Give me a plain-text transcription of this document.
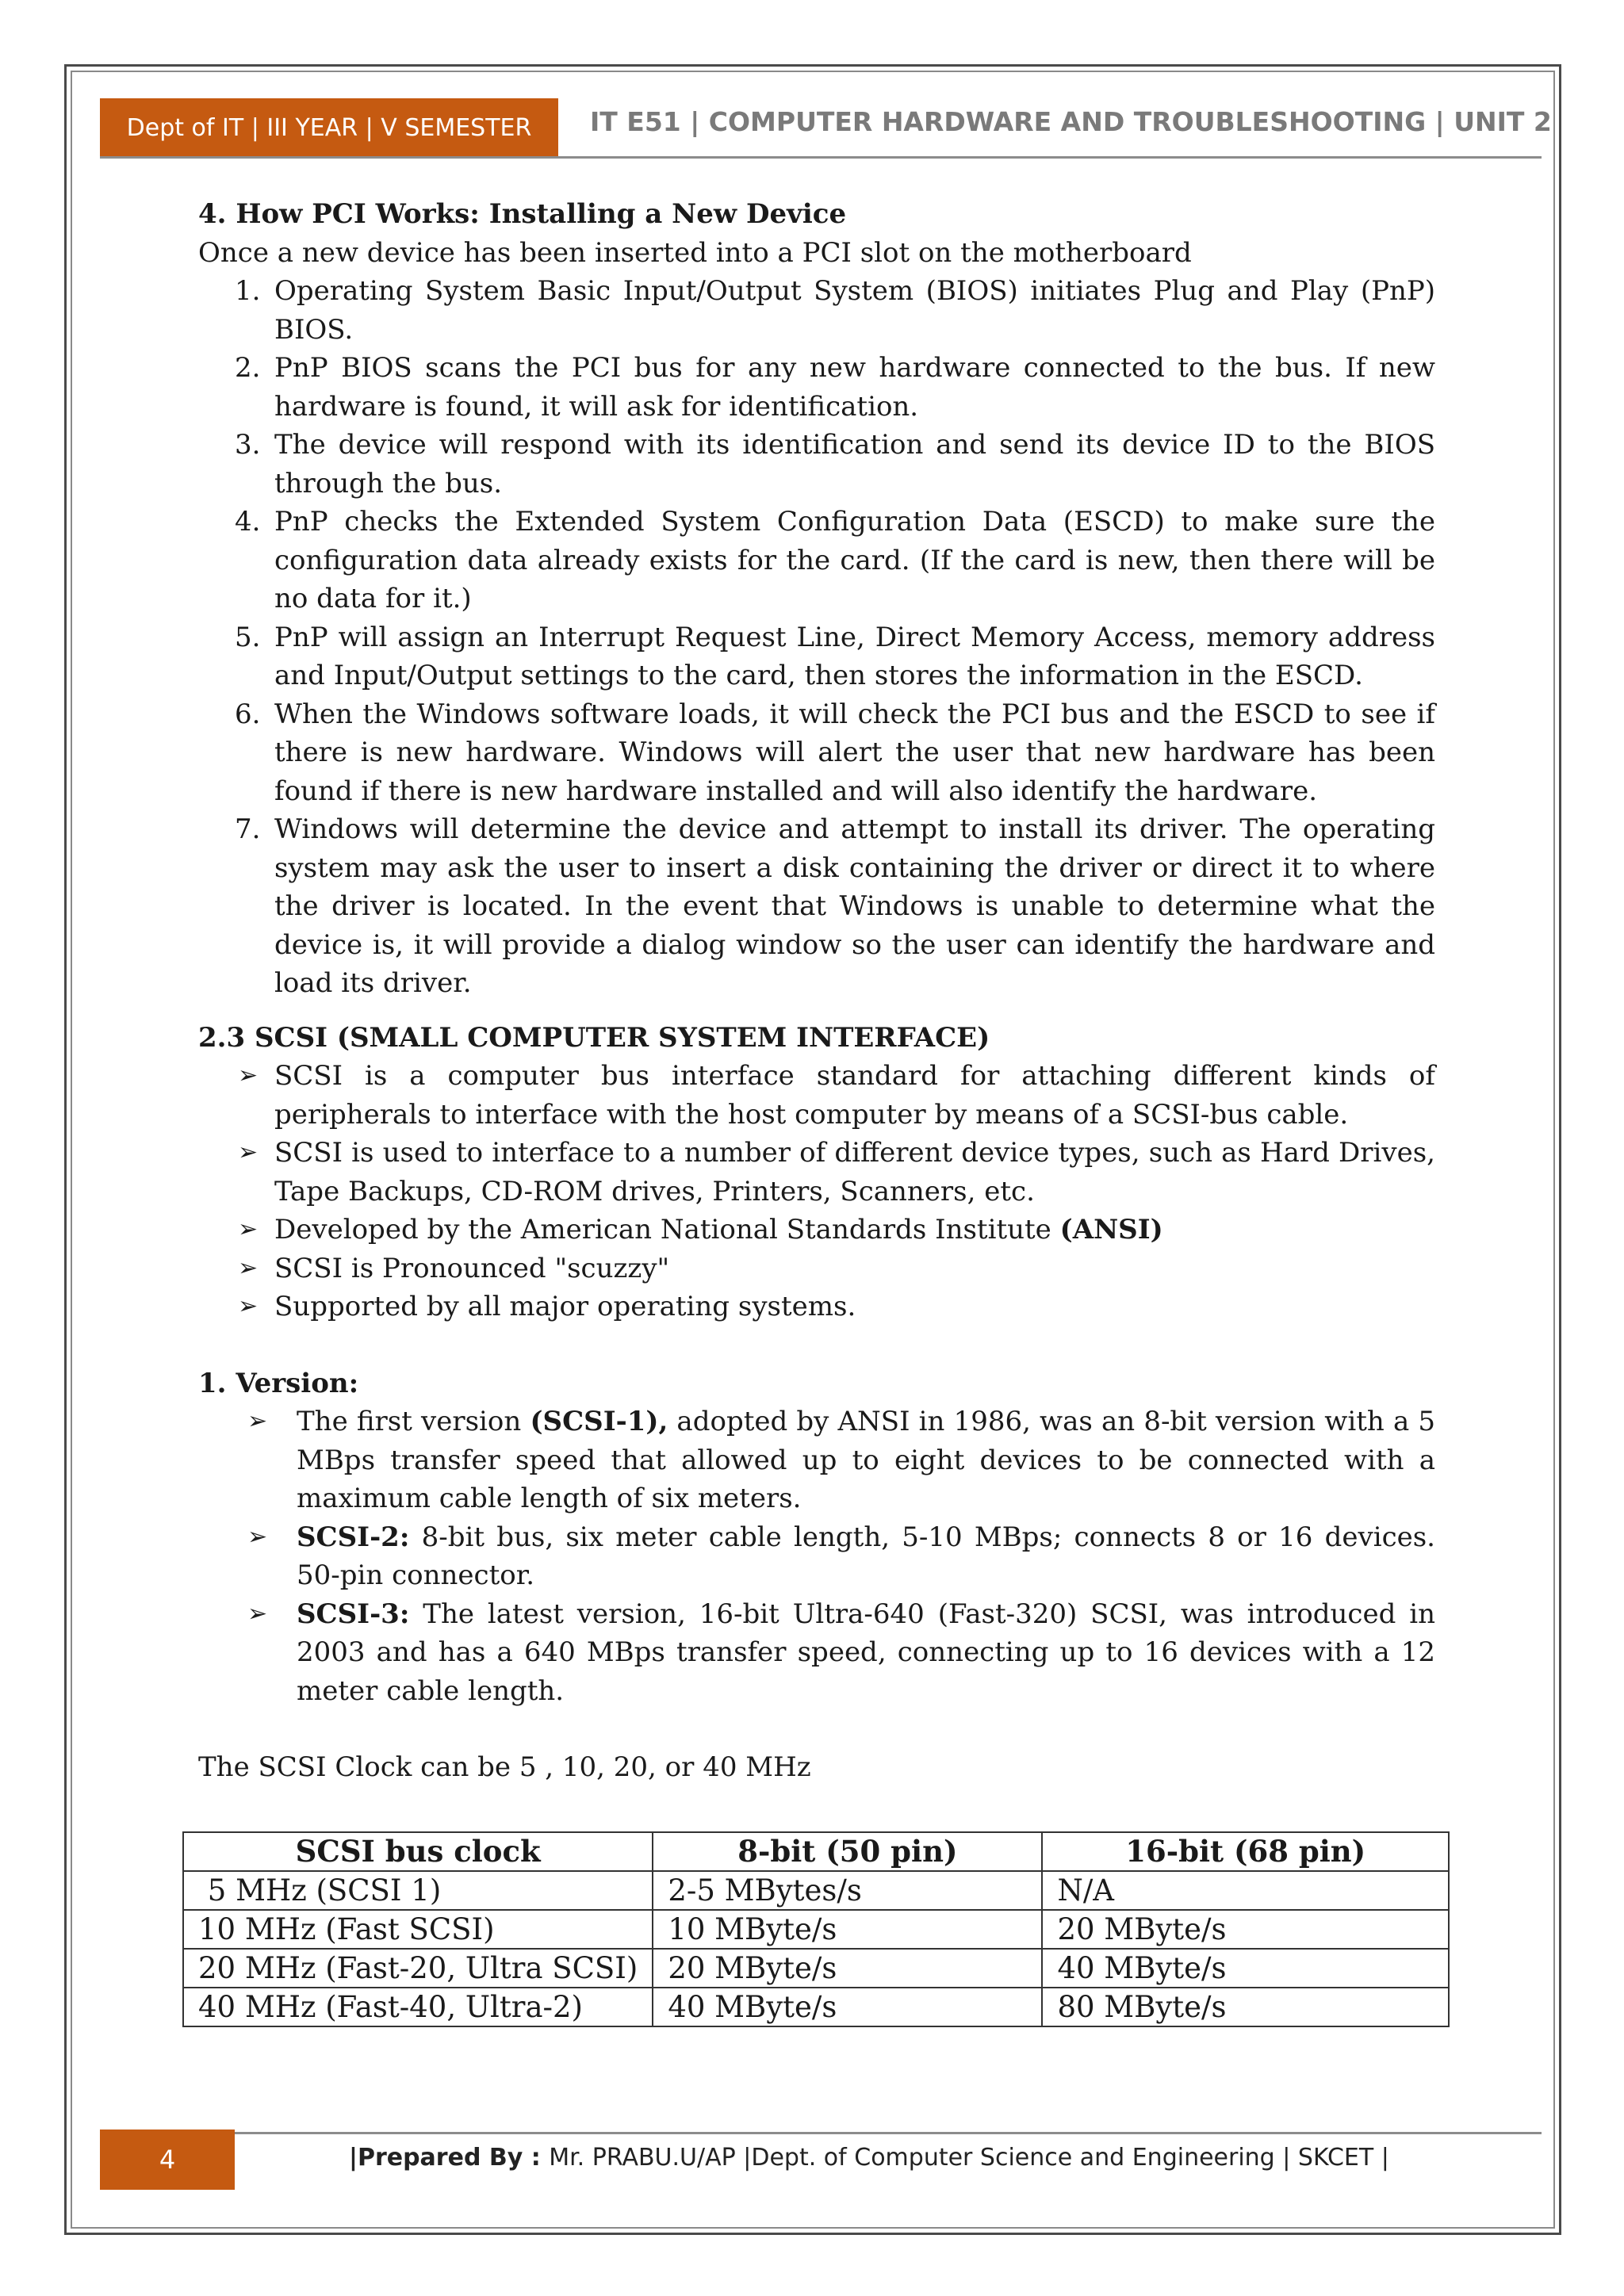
Dept of IT | III YEAR | V SEMESTER	IT E51 | COMPUTER HARDWARE AND TROUBLESHOOTING | UNIT 2

4. How PCI Works: Installing a New Device

Once a new device has been inserted into a PCI slot on the motherboard

1. Operating System Basic Input/Output System (BIOS) initiates Plug and Play (PnP) BIOS.
2. PnP BIOS scans the PCI bus for any new hardware connected to the bus. If new hardware is found, it will ask for identification.
3. The device will respond with its identification and send its device ID to the BIOS through the bus.
4. PnP checks the Extended System Configuration Data (ESCD) to make sure the configuration data already exists for the card. (If the card is new, then there will be no data for it.)
5. PnP will assign an Interrupt Request Line, Direct Memory Access, memory address and Input/Output settings to the card, then stores the information in the ESCD.
6. When the Windows software loads, it will check the PCI bus and the ESCD to see if there is new hardware. Windows will alert the user that new hardware has been found if there is new hardware installed and will also identify the hardware.
7. Windows will determine the device and attempt to install its driver. The operating system may ask the user to insert a disk containing the driver or direct it to where the driver is located. In the event that Windows is unable to determine what the device is, it will provide a dialog window so the user can identify the hardware and load its driver.

2.3 SCSI (SMALL COMPUTER SYSTEM INTERFACE)

➢ SCSI is a computer bus interface standard for attaching different kinds of peripherals to interface with the host computer by means of a SCSI-bus cable.
➢ SCSI is used to interface to a number of different device types, such as Hard Drives, Tape Backups, CD-ROM drives, Printers, Scanners, etc.
➢ Developed by the American National Standards Institute (ANSI)
➢ SCSI is Pronounced "scuzzy"
➢ Supported by all major operating systems.

1. Version:

➢ The first version (SCSI-1), adopted by ANSI in 1986, was an 8-bit version with a 5 MBps transfer speed that allowed up to eight devices to be connected with a maximum cable length of six meters.
➢ SCSI-2: 8-bit bus, six meter cable length, 5-10 MBps; connects 8 or 16 devices. 50-pin connector.
➢ SCSI-3: The latest version, 16-bit Ultra-640 (Fast-320) SCSI, was introduced in 2003 and has a 640 MBps transfer speed, connecting up to 16 devices with a 12 meter cable length.

The SCSI Clock can be 5 , 10, 20, or 40 MHz

SCSI bus clock	8-bit (50 pin)	16-bit (68 pin)
5 MHz (SCSI 1)	2-5 MBytes/s	N/A
10 MHz (Fast SCSI)	10 MByte/s	20 MByte/s
20 MHz (Fast-20, Ultra SCSI)	20 MByte/s	40 MByte/s
40 MHz (Fast-40, Ultra-2)	40 MByte/s	80 MByte/s
4	|Prepared By : Mr. PRABU.U/AP |Dept. of Computer Science and Engineering | SKCET |
